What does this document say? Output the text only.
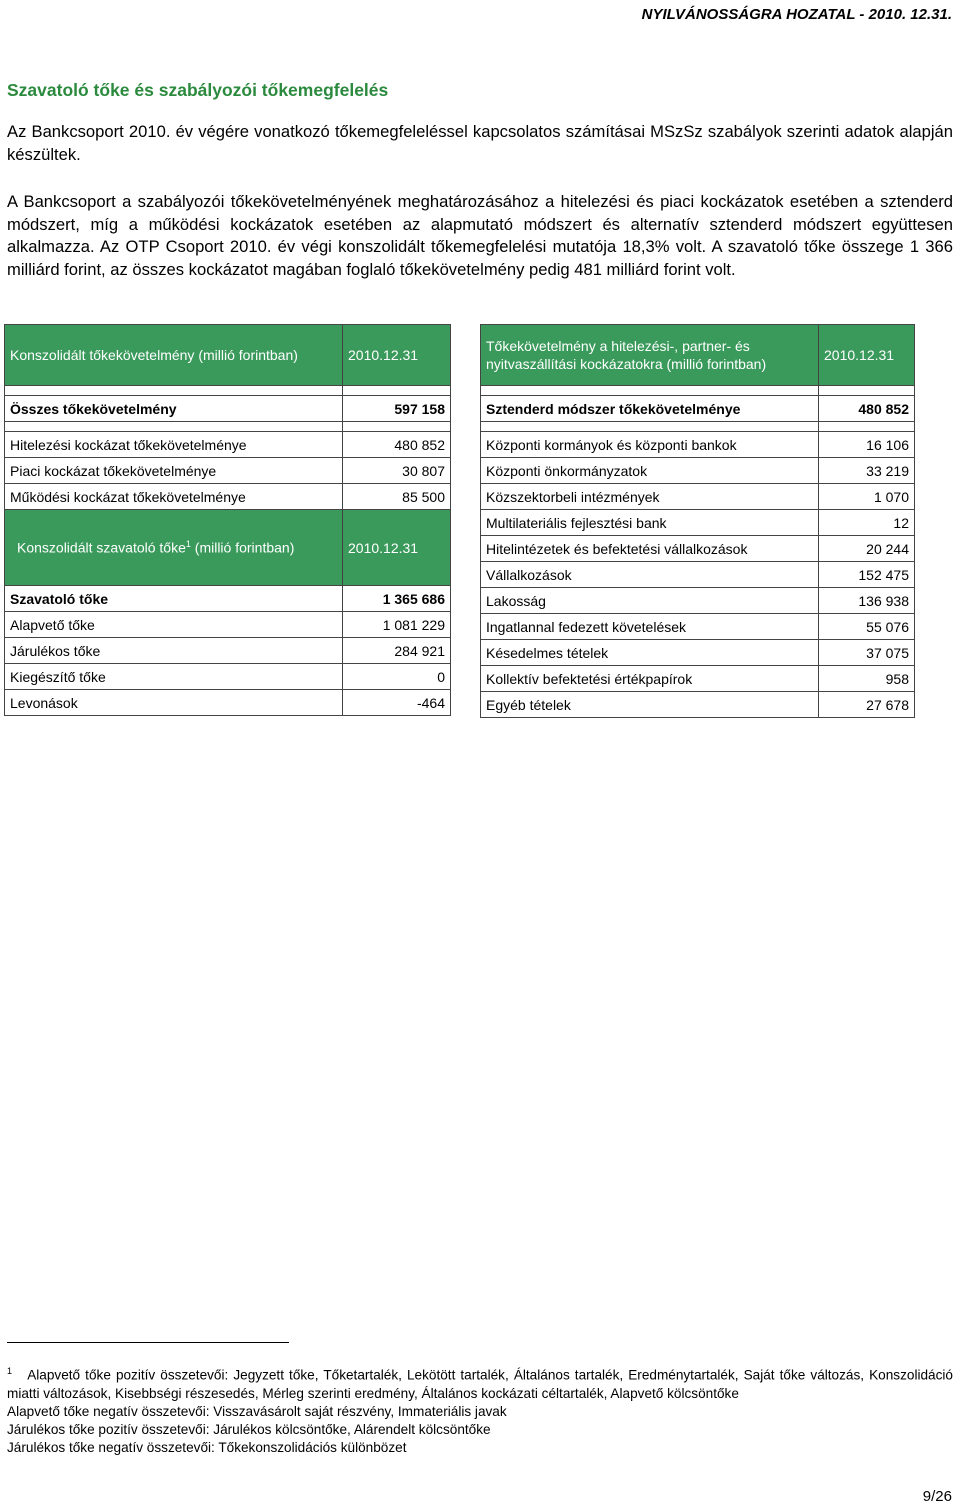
NYILVÁNOSSÁGRA HOZATAL - 2010. 12.31.
Szavatoló tőke és szabályozói tőkemegfelelés
Az Bankcsoport 2010. év végére vonatkozó tőkemegfeleléssel kapcsolatos számításai MSzSz szabályok szerinti adatok alapján készültek.
A Bankcsoport a szabályozói tőkekövetelményének meghatározásához a hitelezési és piaci kockázatok esetében a sztenderd módszert, míg a működési kockázatok esetében az alapmutató módszert és alternatív sztenderd módszert együttesen alkalmazza. Az OTP Csoport 2010. év végi konszolidált tőkemegfelelési mutatója 18,3% volt. A szavatoló tőke összege 1 366 milliárd forint, az összes kockázatot magában foglaló tőkekövetelmény pedig 481 milliárd forint volt.
Konszolidált tőkekövetelmény (millió forintban)	2010.12.31

Összes tőkekövetelmény	597 158

Hitelezési kockázat tőkekövetelménye	480 852
Piaci kockázat tőkekövetelménye	30 807
Működési kockázat tőkekövetelménye	85 500
Konszolidált szavatoló tőke$^1$ (millió forintban)	2010.12.31
Szavatoló tőke	1 365 686
Alapvető tőke	1 081 229
Járulékos tőke	284 921
Kiegészítő tőke	0
Levonások	-464
Tőkekövetelmény a hitelezési-, partner- és nyitvaszállítási kockázatokra (millió forintban)	2010.12.31

Sztenderd módszer tőkekövetelménye	480 852

Központi kormányok és központi bankok	16 106
Központi önkormányzatok	33 219
Közszektorbeli intézmények	1 070
Multilateriális fejlesztési bank	12
Hitelintézetek és befektetési vállalkozások	20 244
Vállalkozások	152 475
Lakosság	136 938
Ingatlannal fedezett követelések	55 076
Késedelmes tételek	37 075
Kollektív befektetési értékpapírok	958
Egyéb tételek	27 678

$^1$ Alapvető tőke pozitív összetevői: Jegyzett tőke, Tőketartalék, Lekötött tartalék, Általános tartalék, Eredménytartalék, Saját tőke változás, Konszolidáció miatti változások, Kisebbségi részesedés, Mérleg szerinti eredmény, Általános kockázati céltartalék, Alapvető kölcsöntőke

Alapvető tőke negatív összetevői: Visszavásárolt saját részvény, Immateriális javak

Járulékos tőke pozitív összetevői: Járulékos kölcsöntőke, Alárendelt kölcsöntőke

Járulékos tőke negatív összetevői: Tőkekonszolidációs különbözet

9/26
